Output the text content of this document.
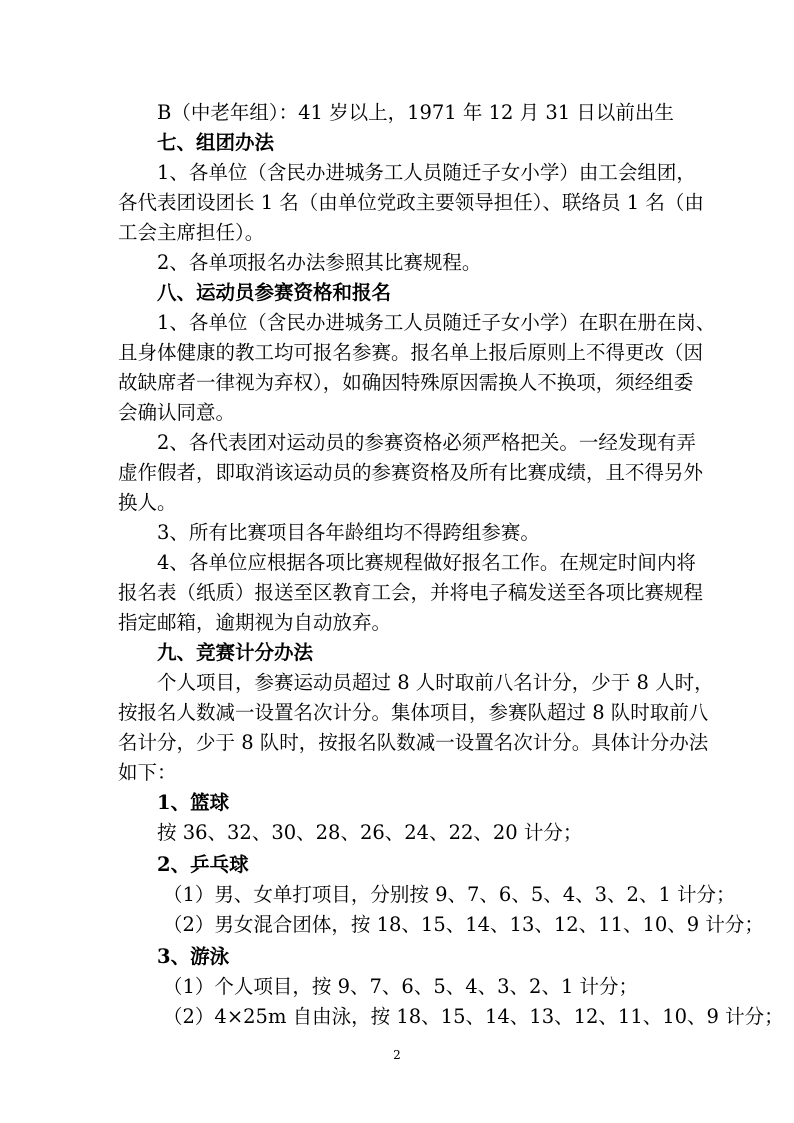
B（中老年组）：41 岁以上，1971 年 12 月 31 日以前出生
七、组团办法
1、各单位（含民办进城务工人员随迁子女小学）由工会组团，
各代表团设团长 1 名（由单位党政主要领导担任）、联络员 1 名（由
工会主席担任）。
2、各单项报名办法参照其比赛规程。
八、运动员参赛资格和报名
1、各单位（含民办进城务工人员随迁子女小学）在职在册在岗、
且身体健康的教工均可报名参赛。报名单上报后原则上不得更改（因
故缺席者一律视为弃权），如确因特殊原因需换人不换项，须经组委
会确认同意。
2、各代表团对运动员的参赛资格必须严格把关。一经发现有弄
虚作假者，即取消该运动员的参赛资格及所有比赛成绩，且不得另外
换人。
3、所有比赛项目各年龄组均不得跨组参赛。
4、各单位应根据各项比赛规程做好报名工作。在规定时间内将
报名表（纸质）报送至区教育工会，并将电子稿发送至各项比赛规程
指定邮箱，逾期视为自动放弃。
九、竞赛计分办法
个人项目，参赛运动员超过 8 人时取前八名计分，少于 8 人时，
按报名人数减一设置名次计分。集体项目，参赛队超过 8 队时取前八
名计分，少于 8 队时，按报名队数减一设置名次计分。具体计分办法
如下：
1、篮球
按 36、32、30、28、26、24、22、20 计分；
2、乒乓球
（1）男、女单打项目，分别按 9、7、6、5、4、3、2、1 计分；
（2）男女混合团体，按 18、15、14、13、12、11、10、9 计分；
3、游泳
（1）个人项目，按 9、7、6、5、4、3、2、1 计分；
（2）4×25m 自由泳，按 18、15、14、13、12、11、10、9 计分；
2
